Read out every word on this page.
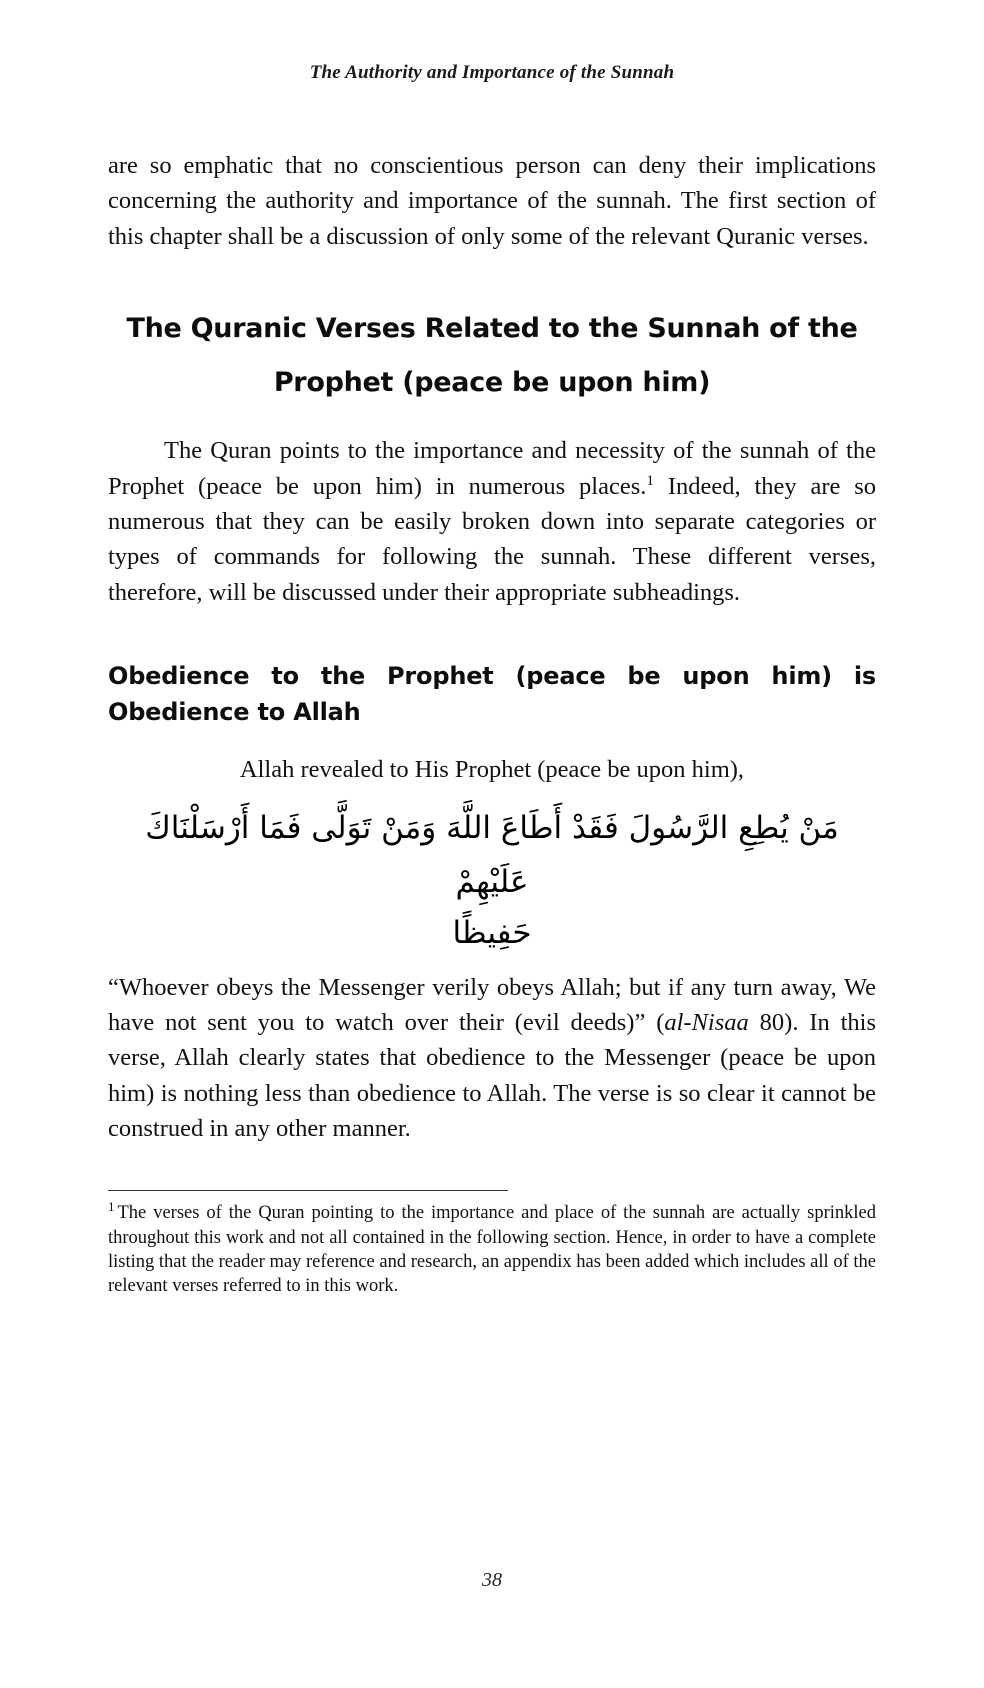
The Authority and Importance of the Sunnah

are so emphatic that no conscientious person can deny their implications concerning the authority and importance of the sunnah. The first section of this chapter shall be a discussion of only some of the relevant Quranic verses.

The Quranic Verses Related to the Sunnah of the
Prophet (peace be upon him)

The Quran points to the importance and necessity of the sunnah of the Prophet (peace be upon him) in numerous places.$^1$ Indeed, they are so numerous that they can be easily broken down into separate categories or types of commands for following the sunnah. These different verses, therefore, will be discussed under their appropriate subheadings.

Obedience to the Prophet (peace be upon him) is
Obedience to Allah

Allah revealed to His Prophet (peace be upon him),

مَنْ يُطِعِ الرَّسُولَ فَقَدْ أَطَاعَ اللَّهَ وَمَنْ تَوَلَّى فَمَا أَرْسَلْنَاكَ عَلَيْهِمْ
حَفِيظًا

“Whoever obeys the Messenger verily obeys Allah; but if any turn away, We have not sent you to watch over their (evil deeds)” (al-Nisaa 80). In this verse, Allah clearly states that obedience to the Messenger (peace be upon him) is nothing less than obedience to Allah. The verse is so clear it cannot be construed in any other manner.

$^1$ The verses of the Quran pointing to the importance and place of the sunnah are actually sprinkled throughout this work and not all contained in the following section. Hence, in order to have a complete listing that the reader may reference and research, an appendix has been added which includes all of the relevant verses referred to in this work.

38
